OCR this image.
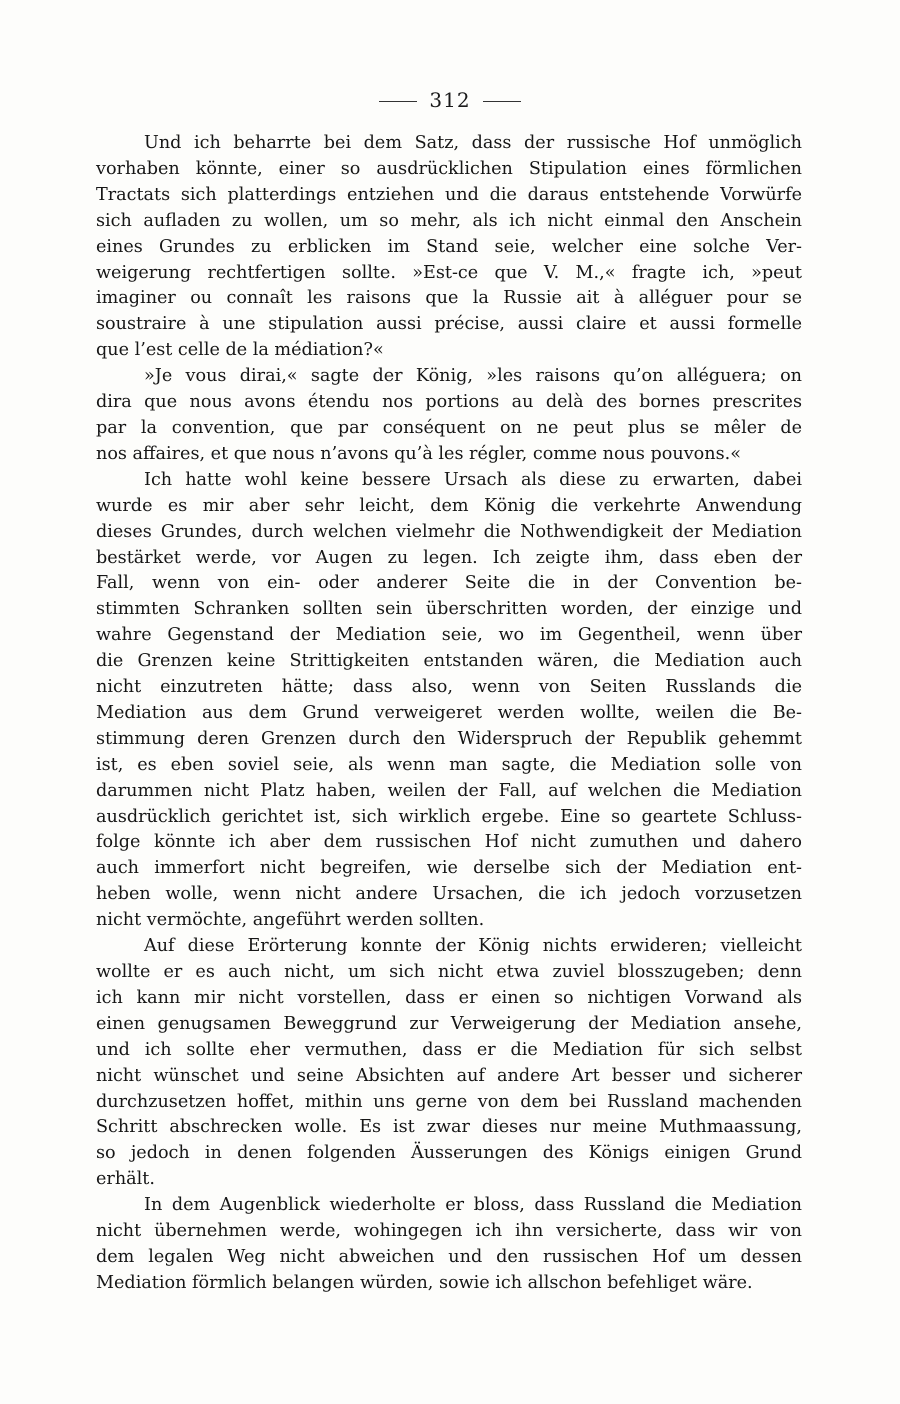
312

Und ich beharrte bei dem Satz, dass der russische Hof unmöglich
vorhaben könnte, einer so ausdrücklichen Stipulation eines förmlichen
Tractats sich platterdings entziehen und die daraus entstehende Vorwürfe
sich aufladen zu wollen, um so mehr, als ich nicht einmal den Anschein
eines Grundes zu erblicken im Stand seie, welcher eine solche Ver-
weigerung rechtfertigen sollte. »Est-ce que V. M.,« fragte ich, »peut
imaginer ou connaît les raisons que la Russie ait à alléguer pour se
soustraire à une stipulation aussi précise, aussi claire et aussi formelle
que l’est celle de la médiation?«

»Je vous dirai,« sagte der König, »les raisons qu’on alléguera; on
dira que nous avons étendu nos portions au delà des bornes prescrites
par la convention, que par conséquent on ne peut plus se mêler de
nos affaires, et que nous n’avons qu’à les régler, comme nous pouvons.«

Ich hatte wohl keine bessere Ursach als diese zu erwarten, dabei
wurde es mir aber sehr leicht, dem König die verkehrte Anwendung
dieses Grundes, durch welchen vielmehr die Nothwendigkeit der Mediation
bestärket werde, vor Augen zu legen. Ich zeigte ihm, dass eben der
Fall, wenn von ein- oder anderer Seite die in der Convention be-
stimmten Schranken sollten sein überschritten worden, der einzige und
wahre Gegenstand der Mediation seie, wo im Gegentheil, wenn über
die Grenzen keine Strittigkeiten entstanden wären, die Mediation auch
nicht einzutreten hätte; dass also, wenn von Seiten Russlands die
Mediation aus dem Grund verweigeret werden wollte, weilen die Be-
stimmung deren Grenzen durch den Widerspruch der Republik gehemmt
ist, es eben soviel seie, als wenn man sagte, die Mediation solle von
darummen nicht Platz haben, weilen der Fall, auf welchen die Mediation
ausdrücklich gerichtet ist, sich wirklich ergebe. Eine so geartete Schluss-
folge könnte ich aber dem russischen Hof nicht zumuthen und dahero
auch immerfort nicht begreifen, wie derselbe sich der Mediation ent-
heben wolle, wenn nicht andere Ursachen, die ich jedoch vorzusetzen
nicht vermöchte, angeführt werden sollten.

Auf diese Erörterung konnte der König nichts erwideren; vielleicht
wollte er es auch nicht, um sich nicht etwa zuviel blosszugeben; denn
ich kann mir nicht vorstellen, dass er einen so nichtigen Vorwand als
einen genugsamen Beweggrund zur Verweigerung der Mediation ansehe,
und ich sollte eher vermuthen, dass er die Mediation für sich selbst
nicht wünschet und seine Absichten auf andere Art besser und sicherer
durchzusetzen hoffet, mithin uns gerne von dem bei Russland machenden
Schritt abschrecken wolle. Es ist zwar dieses nur meine Muthmaassung,
so jedoch in denen folgenden Äusserungen des Königs einigen Grund
erhält.

In dem Augenblick wiederholte er bloss, dass Russland die Mediation
nicht übernehmen werde, wohingegen ich ihn versicherte, dass wir von
dem legalen Weg nicht abweichen und den russischen Hof um dessen
Mediation förmlich belangen würden, sowie ich allschon befehliget wäre.
